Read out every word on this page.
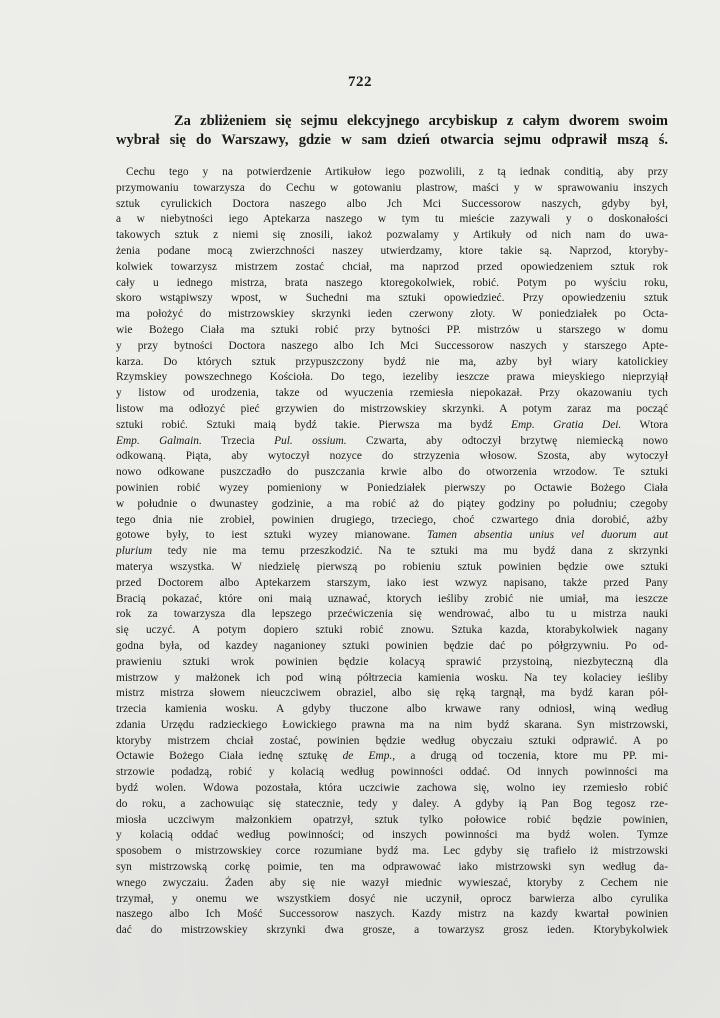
722
Za zbliżeniem się sejmu elekcyjnego arcybiskup z całym dworem swoim
wybrał się do Warszawy, gdzie w sam dzień otwarcia sejmu odprawił mszą ś.
Cechu tego y na potwierdzenie Artikułow iego pozwolili, z tą iednak conditią, aby przy
przymowaniu towarzysza do Cechu w gotowaniu plastrow, maści y w sprawowaniu inszych
sztuk cyrulickich Doctora naszego albo Jch Mci Successorow naszych, gdyby był,
a w niebytności iego Aptekarza naszego w tym tu mieście zazywali y o doskonałości
takowych sztuk z niemi się znosili, iakoż pozwalamy y Artikuły od nich nam do uwa-
żenia podane mocą zwierzchności naszey utwierdzamy, ktore takie są. Naprzod, ktoryby-
kolwiek towarzysz mistrzem zostać chciał, ma naprzod przed opowiedzeniem sztuk rok
cały u iednego mistrza, brata naszego ktoregokolwiek, robić. Potym po wyściu roku,
skoro wstąpiwszy wpost, w Suchedni ma sztuki opowiedzieć. Przy opowiedzeniu sztuk
ma położyć do mistrzowskiey skrzynki ieden czerwony złoty. W poniedziałek po Octa-
wie Bożego Ciała ma sztuki robić przy bytności PP. mistrzów u starszego w domu
y przy bytności Doctora naszego albo Ich Mci Successorow naszych y starszego Apte-
karza. Do których sztuk przypuszczony bydź nie ma, azby był wiary katolickiey
Rzymskiey powszechnego Kościoła. Do tego, iezeliby ieszcze prawa mieyskiego nieprzyiął
y listow od urodzenia, takze od wyuczenia rzemiesła niepokazał. Przy okazowaniu tych
listow ma odłozyć pieć grzywien do mistrzowskiey skrzynki. A potym zaraz ma począć
sztuki robić. Sztuki maią bydź takie. Pierwsza ma bydź Emp. Gratia Dei. Wtora
Emp. Galmain. Trzecia Pul. ossium. Czwarta, aby odtoczył brzytwę niemiecką nowo
odkowaną. Piąta, aby wytoczył nozyce do strzyzenia włosow. Szosta, aby wytoczył
nowo odkowane puszczadło do puszczania krwie albo do otworzenia wrzodow. Te sztuki
powinien robić wyzey pomieniony w Poniedziałek pierwszy po Octawie Bożego Ciała
w południe o dwunastey godzinie, a ma robić aż do piątey godziny po południu; czegoby
tego dnia nie zrobieł, powinien drugiego, trzeciego, choć czwartego dnia dorobić, ażby
gotowe były, to iest sztuki wyzey mianowane. Tamen absentia unius vel duorum aut
plurium tedy nie ma temu przeszkodzić. Na te sztuki ma mu bydź dana z skrzynki
materya wszystka. W niedzielę pierwszą po robieniu sztuk powinien będzie owe sztuki
przed Doctorem albo Aptekarzem starszym, iako iest wzwyz napisano, także przed Pany
Bracią pokazać, które oni maią uznawać, ktorych ieśliby zrobić nie umiał, ma ieszcze
rok za towarzysza dla lepszego przećwiczenia się wendrować, albo tu u mistrza nauki
się uczyć. A potym dopiero sztuki robić znowu. Sztuka kazda, ktorabykolwiek nagany
godna była, od kazdey naganioney sztuki powinien będzie dać po półgrzywniu. Po od-
prawieniu sztuki wrok powinien będzie kolacyą sprawić przystoiną, niezbyteczną dla
mistrzow y małżonek ich pod winą półtrzecia kamienia wosku. Na tey kolaciey ieśliby
mistrz mistrza słowem nieuczciwem obraziel, albo się ręką targnął, ma bydź karan pół-
trzecia kamienia wosku. A gdyby tłuczone albo krwawe rany odniosł, winą według
zdania Urzędu radzieckiego Łowickiego prawna ma na nim bydź skarana. Syn mistrzowski,
ktoryby mistrzem chciał zostać, powinien będzie według obyczaiu sztuki odprawić. A po
Octawie Bożego Ciała iednę sztukę de Emp., a drugą od toczenia, ktore mu PP. mi-
strzowie podadzą, robić y kolacią według powinności oddać. Od innych powinności ma
bydź wolen. Wdowa pozostała, która uczciwie zachowa się, wolno iey rzemiesło robić
do roku, a zachowuiąc się statecznie, tedy y daley. A gdyby ią Pan Bog tegosz rze-
miosła uczciwym małzonkiem opatrzył, sztuk tylko połowice robić będzie powinien,
y kolacią oddać według powinności; od inszych powinności ma bydź wolen. Tymze
sposobem o mistrzowskiey corce rozumiane bydź ma. Lec gdyby się trafieło iż mistrzowski
syn mistrzowską corkę poimie, ten ma odprawować iako mistrzowski syn według da-
wnego zwyczaiu. Żaden aby się nie wazył miednic wywieszać, ktoryby z Cechem nie
trzymał, y onemu we wszystkiem dosyć nie uczynił, oprocz barwierza albo cyrulika
naszego albo Ich Mość Successorow naszych. Kazdy mistrz na kazdy kwartał powinien
dać do mistrzowskiey skrzynki dwa grosze, a towarzysz grosz ieden. Ktorybykolwiek
